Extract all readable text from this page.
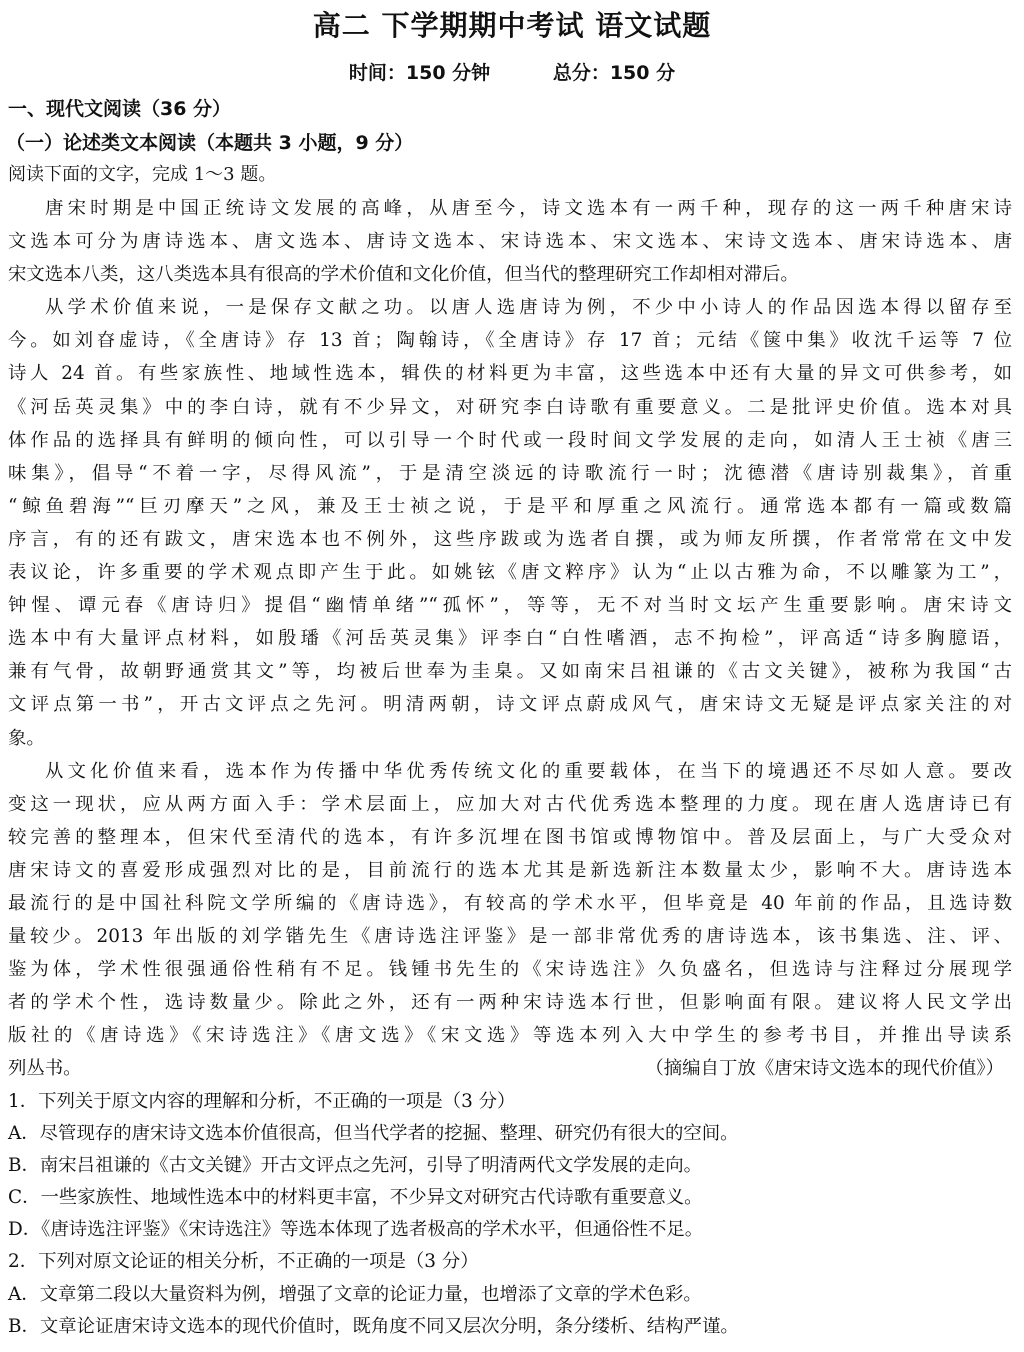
高二 下学期期中考试 语文试题
时间：150 分钟	总分：150 分
一、现代文阅读（36 分）
（一）论述类文本阅读（本题共 3 小题，9 分）
阅读下面的文字，完成 1～3 题。
唐宋时期是中国正统诗文发展的高峰，从唐至今，诗文选本有一两千种，现存的这一两千种唐宋诗
文选本可分为唐诗选本、唐文选本、唐诗文选本、宋诗选本、宋文选本、宋诗文选本、唐宋诗选本、唐
宋文选本八类，这八类选本具有很高的学术价值和文化价值，但当代的整理研究工作却相对滞后。
从学术价值来说，一是保存文献之功。以唐人选唐诗为例，不少中小诗人的作品因选本得以留存至
今。如刘昚虚诗，《全唐诗》存 13 首；陶翰诗，《全唐诗》存 17 首；元结《箧中集》收沈千运等 7 位
诗人 24 首。有些家族性、地域性选本，辑佚的材料更为丰富，这些选本中还有大量的异文可供参考，如
《河岳英灵集》中的李白诗，就有不少异文，对研究李白诗歌有重要意义。二是批评史价值。选本对具
体作品的选择具有鲜明的倾向性，可以引导一个时代或一段时间文学发展的走向，如清人王士祯《唐三
味集》，倡导“不着一字，尽得风流”，于是清空淡远的诗歌流行一时；沈德潜《唐诗别裁集》，首重
“鲸鱼碧海”“巨刃摩天”之风，兼及王士祯之说，于是平和厚重之风流行。通常选本都有一篇或数篇
序言，有的还有跋文，唐宋选本也不例外，这些序跋或为选者自撰，或为师友所撰，作者常常在文中发
表议论，许多重要的学术观点即产生于此。如姚铉《唐文粹序》认为“止以古雅为命，不以雕篆为工”，
钟惺、谭元春《唐诗归》提倡“幽情单绪”“孤怀”，等等，无不对当时文坛产生重要影响。唐宋诗文
选本中有大量评点材料，如殷璠《河岳英灵集》评李白“白性嗜酒，志不拘检”，评高适“诗多胸臆语，
兼有气骨，故朝野通赏其文”等，均被后世奉为圭臬。又如南宋吕祖谦的《古文关键》，被称为我国“古
文评点第一书”，开古文评点之先河。明清两朝，诗文评点蔚成风气，唐宋诗文无疑是评点家关注的对
象。
从文化价值来看，选本作为传播中华优秀传统文化的重要载体，在当下的境遇还不尽如人意。要改
变这一现状，应从两方面入手：学术层面上，应加大对古代优秀选本整理的力度。现在唐人选唐诗已有
较完善的整理本，但宋代至清代的选本，有许多沉埋在图书馆或博物馆中。普及层面上，与广大受众对
唐宋诗文的喜爱形成强烈对比的是，目前流行的选本尤其是新选新注本数量太少，影响不大。唐诗选本
最流行的是中国社科院文学所编的《唐诗选》，有较高的学术水平，但毕竟是 40 年前的作品，且选诗数
量较少。2013 年出版的刘学锴先生《唐诗选注评鉴》是一部非常优秀的唐诗选本，该书集选、注、评、
鉴为体，学术性很强通俗性稍有不足。钱锺书先生的《宋诗选注》久负盛名，但选诗与注释过分展现学
者的学术个性，选诗数量少。除此之外，还有一两种宋诗选本行世，但影响面有限。建议将人民文学出
版社的《唐诗选》《宋诗选注》《唐文选》《宋文选》等选本列入大中学生的参考书目，并推出导读系
列丛书。	（摘编自丁放《唐宋诗文选本的现代价值》）
1．下列关于原文内容的理解和分析，不正确的一项是（3 分）
A．尽管现存的唐宋诗文选本价值很高，但当代学者的挖掘、整理、研究仍有很大的空间。
B．南宋吕祖谦的《古文关键》开古文评点之先河，引导了明清两代文学发展的走向。
C．一些家族性、地域性选本中的材料更丰富，不少异文对研究古代诗歌有重要意义。
D．《唐诗选注评鉴》《宋诗选注》等选本体现了选者极高的学术水平，但通俗性不足。
2．下列对原文论证的相关分析，不正确的一项是（3 分）
A．文章第二段以大量资料为例，增强了文章的论证力量，也增添了文章的学术色彩。
B．文章论证唐宋诗文选本的现代价值时，既角度不同又层次分明，条分缕析、结构严谨。
